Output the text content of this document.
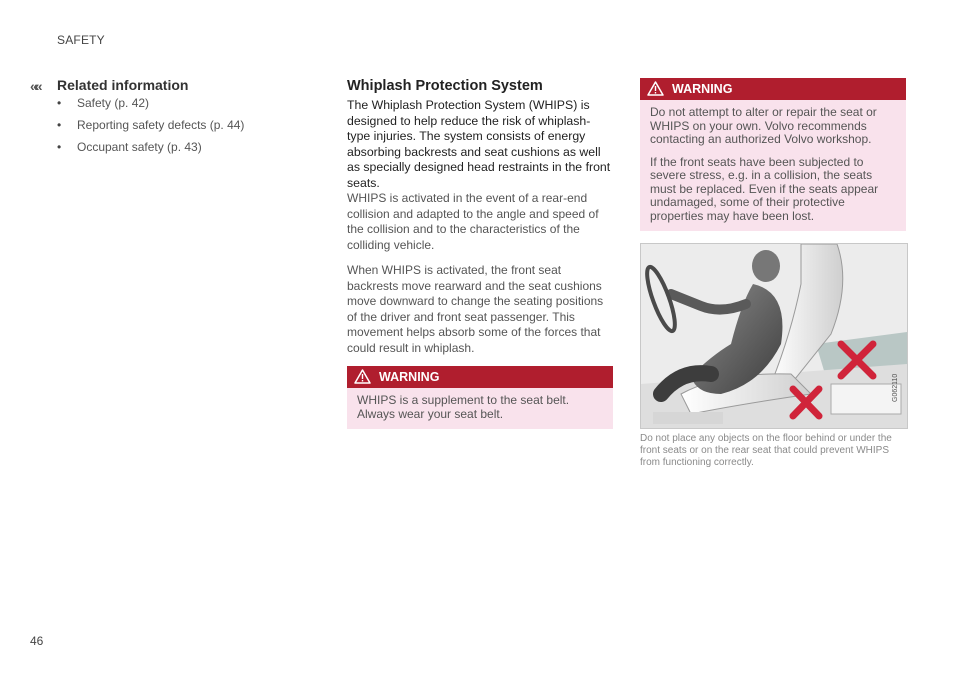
SAFETY
«« Related information
• Safety (p. 42)
• Reporting safety defects (p. 44)
• Occupant safety (p. 43)
Whiplash Protection System

The Whiplash Protection System (WHIPS) is designed to help reduce the risk of whiplash-type injuries. The system consists of energy absorbing backrests and seat cushions as well as specially designed head restraints in the front seats.

WHIPS is activated in the event of a rear-end collision and adapted to the angle and speed of the collision and to the characteristics of the colliding vehicle.

When WHIPS is activated, the front seat backrests move rearward and the seat cushions move downward to change the seating positions of the driver and front seat passenger. This movement helps absorb some of the forces that could result in whiplash.

WARNING

WHIPS is a supplement to the seat belt. Always wear your seat belt.

WARNING

Do not attempt to alter or repair the seat or WHIPS on your own. Volvo recommends contacting an authorized Volvo workshop.

If the front seats have been subjected to severe stress, e.g. in a collision, the seats must be replaced. Even if the seats appear undamaged, some of their protective properties may have been lost.

G062110
Do not place any objects on the floor behind or under the front seats or on the rear seat that could prevent WHIPS from functioning correctly.
46
